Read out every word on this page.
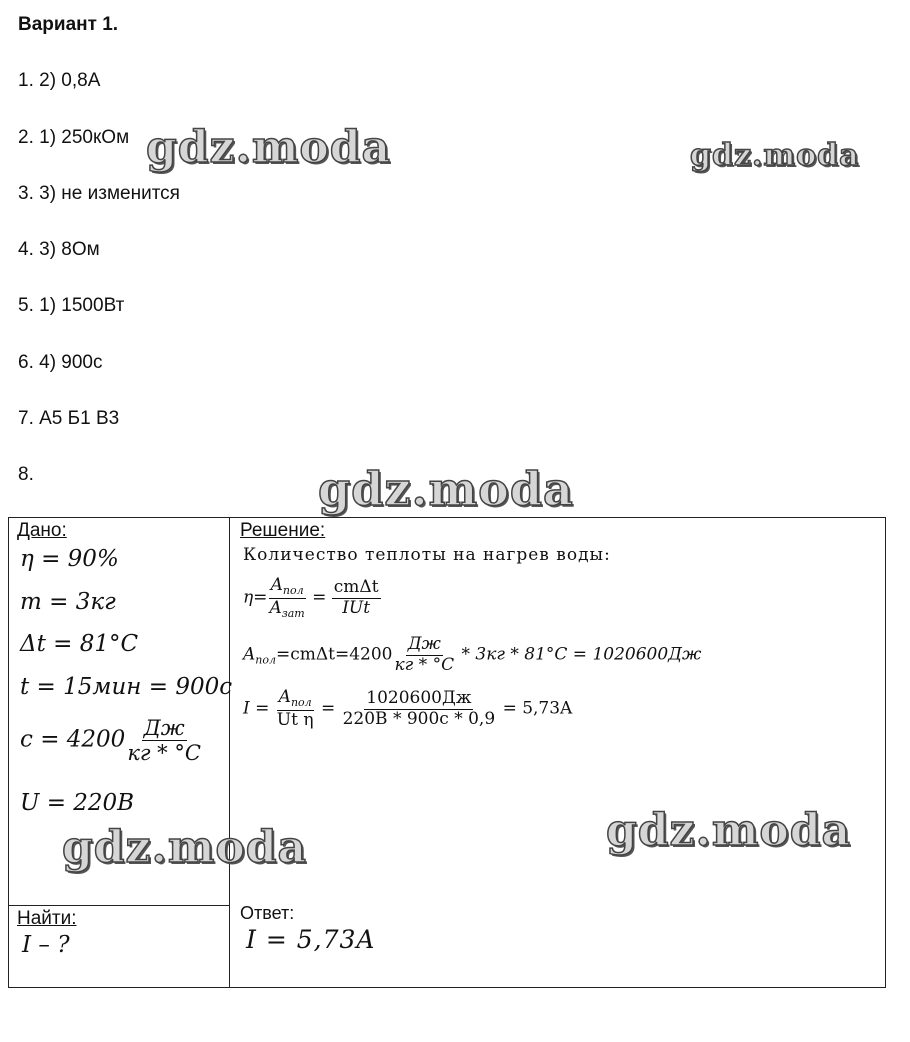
Вариант 1.
1. 2) 0,8А
2. 1) 250кОм
3. 3) не изменится
4. 3) 8Ом
5. 1) 1500Вт
6. 4) 900с
7. А5 Б1 В3
8.
Дано:
η = 90%
m = 3кг
Δt = 81°C
t = 15мин = 900с
$c = 4200 \frac{Дж}{кг * ^\circ C}$
U = 220B
Найти:
I – ?
Решение:
Количество теплоты на нагрев воды:
$\eta= \frac{A_{пол}}{A_{зат}} = \frac{\text{cmΔt}}{\text{IUt}}$
$A_{пол}=cm\Delta t=4200 \frac{Дж}{кг * ^\circ C} * 3кг * 81^\circ C = 1020600Дж$
$I = \frac{A_{пол}}{\text{Ut η}} = \frac{1020600Дж}{220B * 900c * 0,9} = 5,73A$
Ответ:
I = 5,73A
gdz.moda	gdz.moda
gdz.moda
gdz.moda
gdz.moda
